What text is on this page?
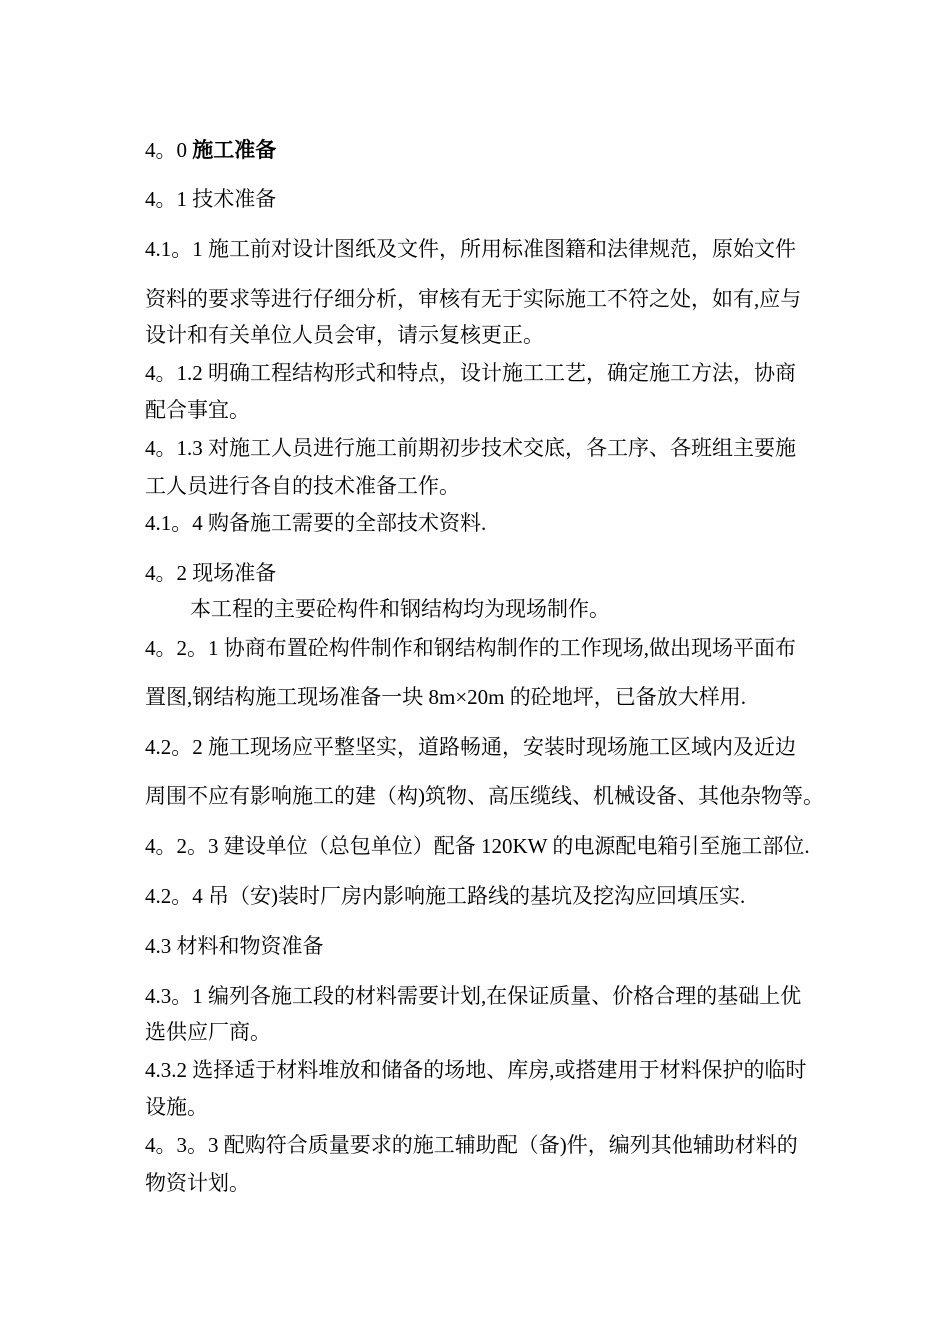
4。0 施工准备
4。1 技术准备
4.1。1 施工前对设计图纸及文件，所用标准图籍和法律规范，原始文件
资料的要求等进行仔细分析，审核有无于实际施工不符之处，如有,应与
设计和有关单位人员会审，请示复核更正。
4。1.2 明确工程结构形式和特点，设计施工工艺，确定施工方法，协商
配合事宜。
4。1.3 对施工人员进行施工前期初步技术交底，各工序、各班组主要施
工人员进行各自的技术准备工作。
4.1。4 购备施工需要的全部技术资料.
4。2 现场准备
本工程的主要砼构件和钢结构均为现场制作。
4。2。1 协商布置砼构件制作和钢结构制作的工作现场,做出现场平面布
置图,钢结构施工现场准备一块 8m×20m 的砼地坪，已备放大样用.
4.2。2 施工现场应平整坚实，道路畅通，安装时现场施工区域内及近边
周围不应有影响施工的建（构)筑物、高压缆线、机械设备、其他杂物等。
4。2。3 建设单位（总包单位）配备 120KW 的电源配电箱引至施工部位.
4.2。4 吊（安)装时厂房内影响施工路线的基坑及挖沟应回填压实.
4.3 材料和物资准备
4.3。1 编列各施工段的材料需要计划,在保证质量、价格合理的基础上优
选供应厂商。
4.3.2 选择适于材料堆放和储备的场地、库房,或搭建用于材料保护的临时
设施。
4。3。3 配购符合质量要求的施工辅助配（备)件，编列其他辅助材料的
物资计划。
